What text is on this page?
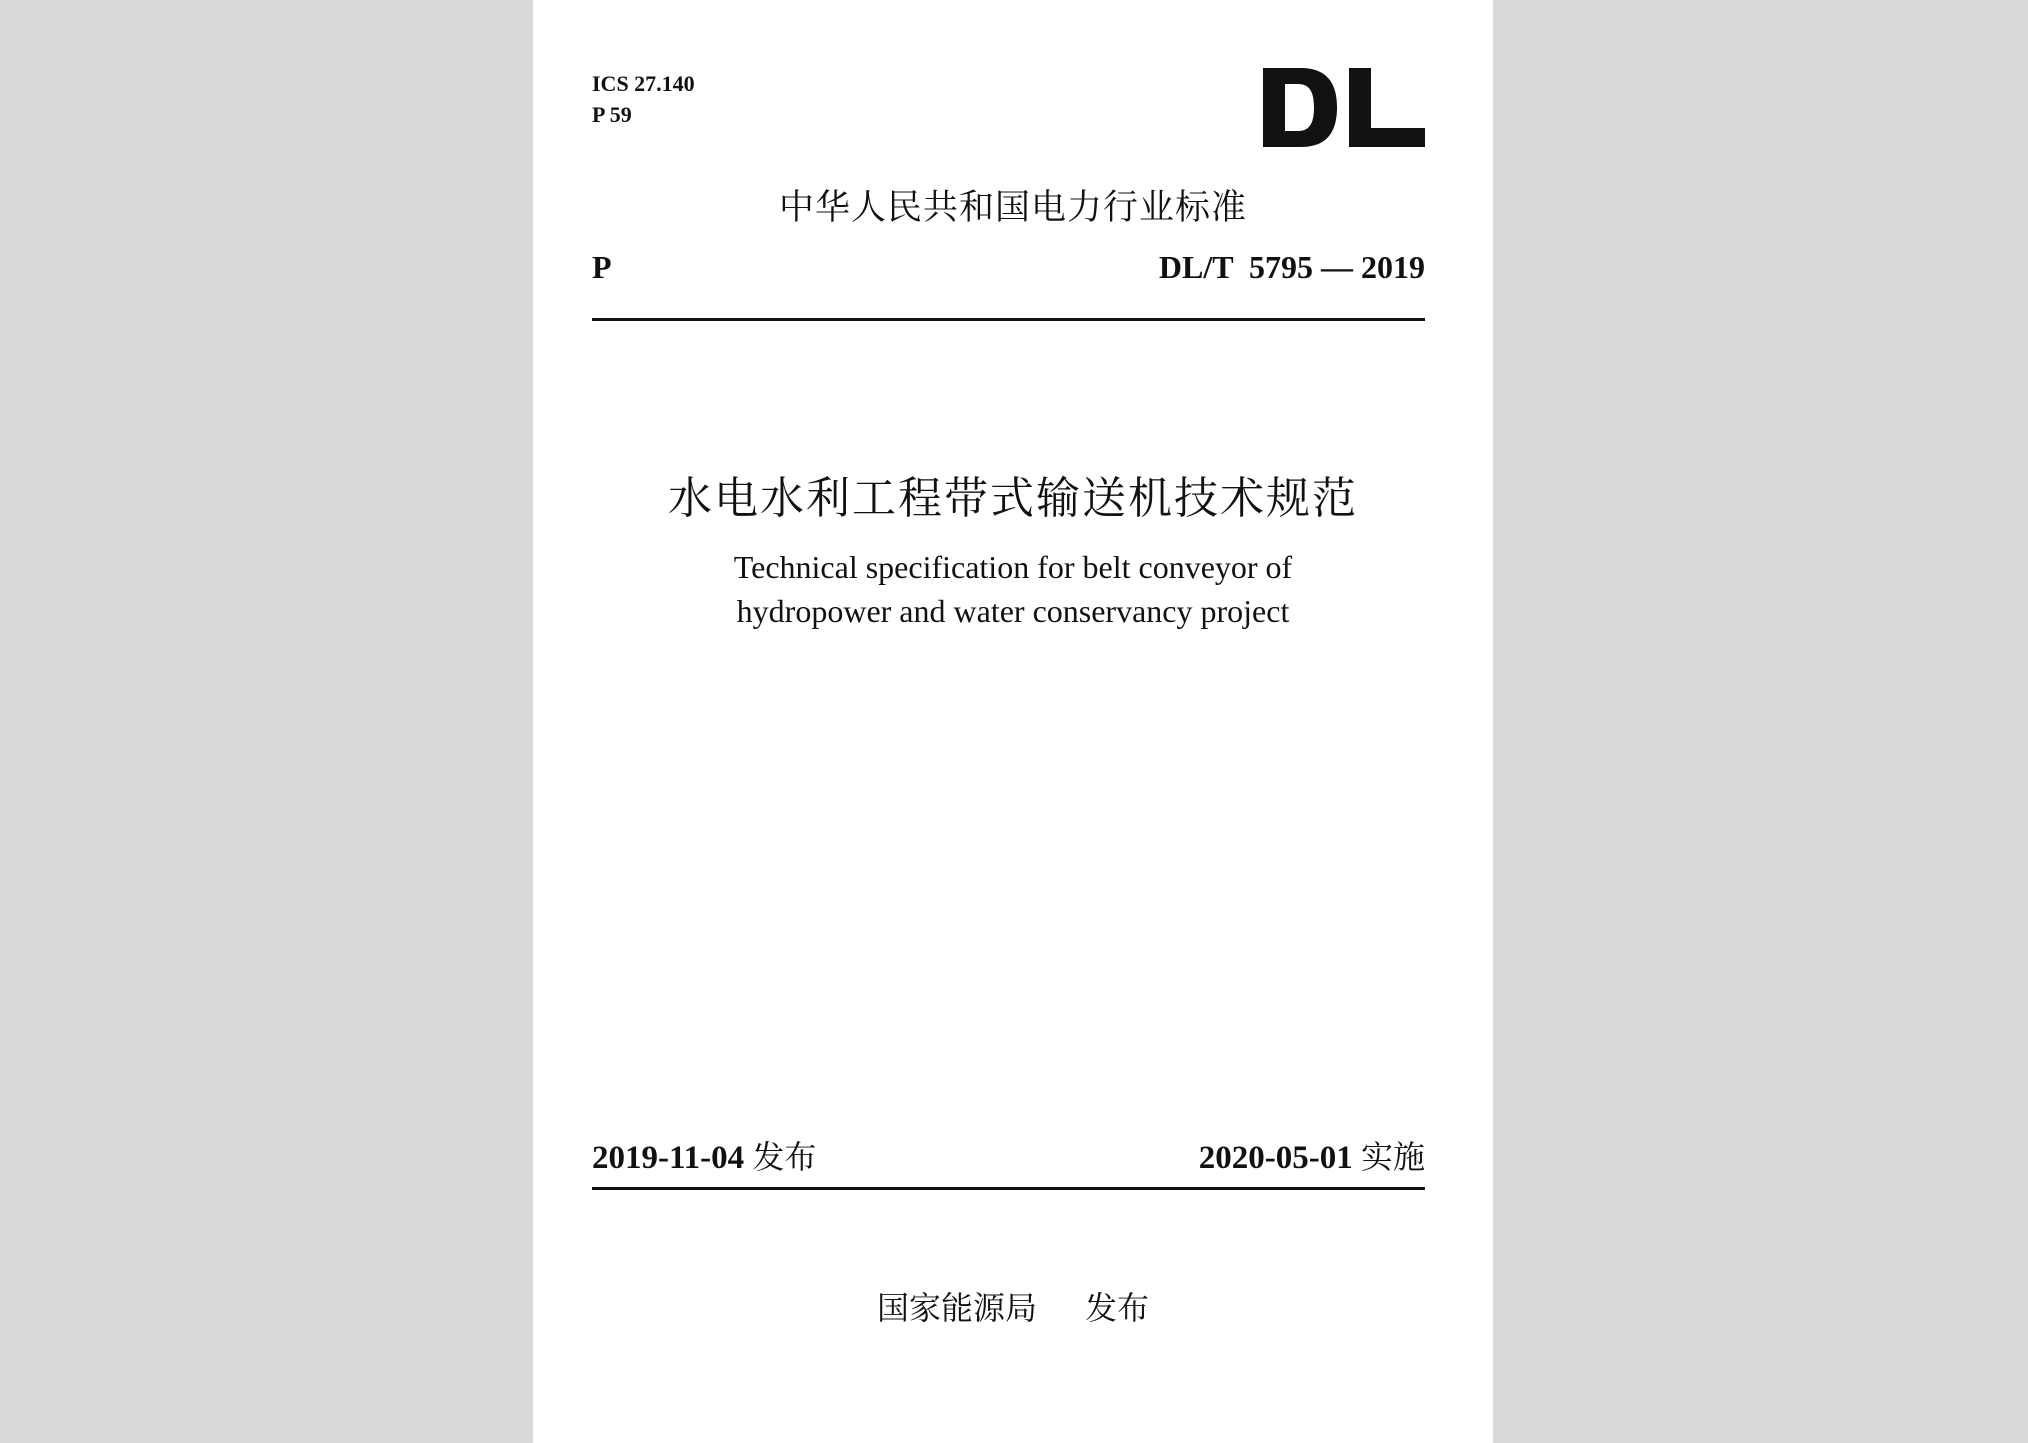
ICS 27.140
P 59
中华人民共和国电力行业标准
P	DL/T  5795 — 2019
水电水利工程带式输送机技术规范
Technical specification for belt conveyor of
hydropower and water conservancy project
2019-11-04 发布	2020-05-01 实施
国家能源局 发布
